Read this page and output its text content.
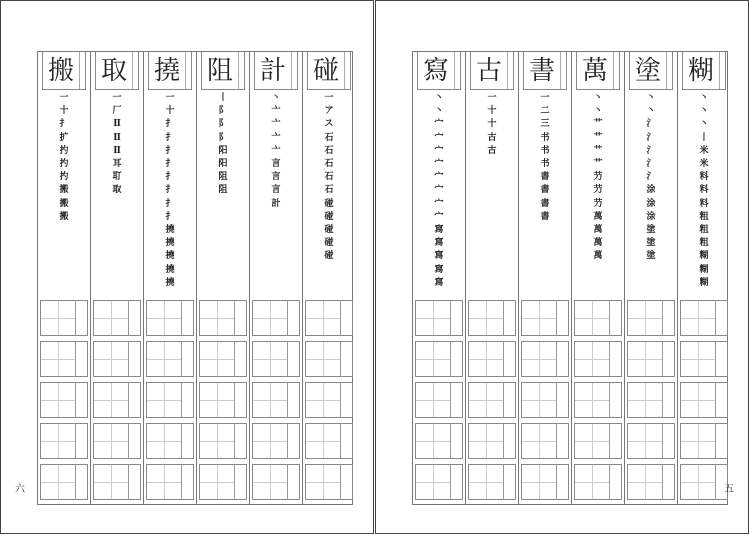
搬
一
十
扌
扩
扚
扚
扚
搬
搬
搬
取
一
厂
Ⅱ
Ⅱ
Ⅱ
耳
耵
取
撓
一
十
扌
扌
扌
扌
扌
扌
扌
扌
撓
撓
撓
撓
撓
阻
丨
阝
阝
阝
阳
阳
阻
阻
計
丶
亠
亠
亠
亠
言
言
言
計
碰
一
ア
ス
石
石
石
石
石
碰
碰
碰
碰
碰
六
寫
丶
丶
宀
宀
宀
宀
宀
宀
宀
宀
寫
寫
寫
寫
寫
古
一
十
十
古
古
書
一
二
三
书
书
书
書
書
書
書
萬
丶
丶
艹
艹
艹
艹
芀
芀
芀
萬
萬
萬
萬
塗
丶
丶
氵
氵
氵
氵
氵
涂
涂
涂
塗
塗
塗
糊
丶
丶
丶
丨
米
米
料
料
料
粗
粗
粗
糊
糊
糊
五
